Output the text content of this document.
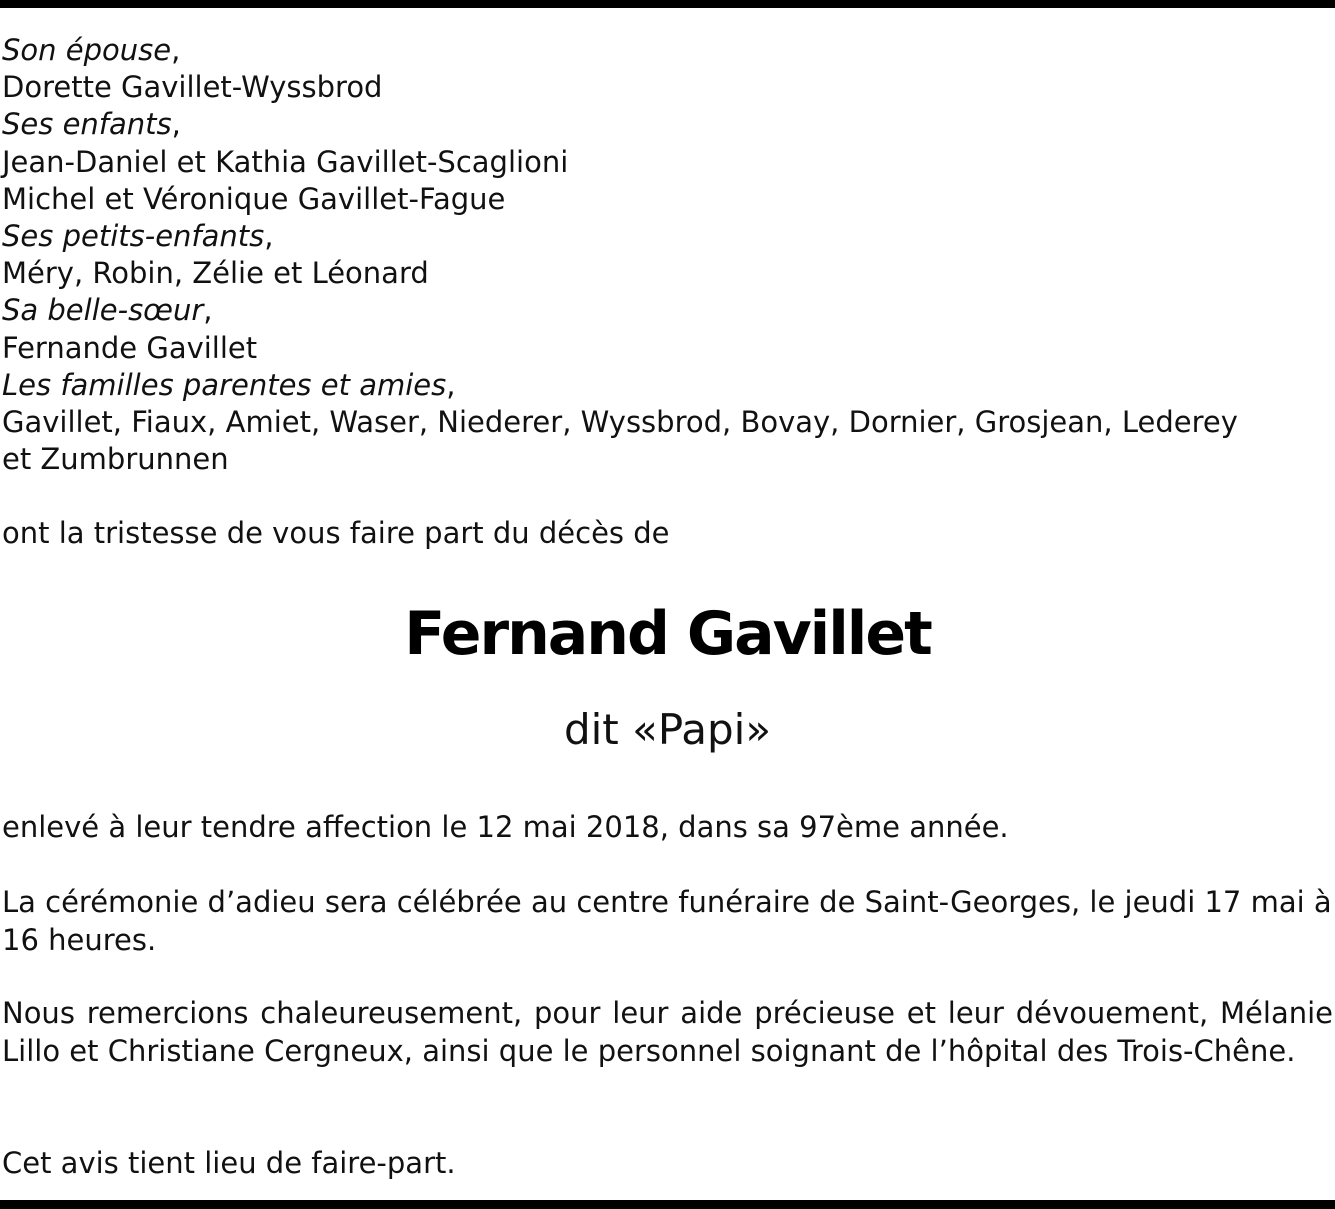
Son épouse,
Dorette Gavillet-Wyssbrod
Ses enfants,
Jean-Daniel et Kathia Gavillet-Scaglioni
Michel et Véronique Gavillet-Fague
Ses petits-enfants,
Méry, Robin, Zélie et Léonard
Sa belle-sœur,
Fernande Gavillet
Les familles parentes et amies,
Gavillet, Fiaux, Amiet, Waser, Niederer, Wyssbrod, Bovay, Dornier, Grosjean, Lederey
et Zumbrunnen
ont la tristesse de vous faire part du décès de
Fernand Gavillet
dit «Papi»
enlevé à leur tendre affection le 12 mai 2018, dans sa 97ème année.
La cérémonie d’adieu sera célébrée au centre funéraire de Saint-Georges, le jeudi 17 mai à 16 heures.
Nous remercions chaleureusement, pour leur aide précieuse et leur dévouement, Mélanie Lillo et Christiane Cergneux, ainsi que le personnel soignant de l’hôpital des Trois-Chêne.
Cet avis tient lieu de faire-part.
